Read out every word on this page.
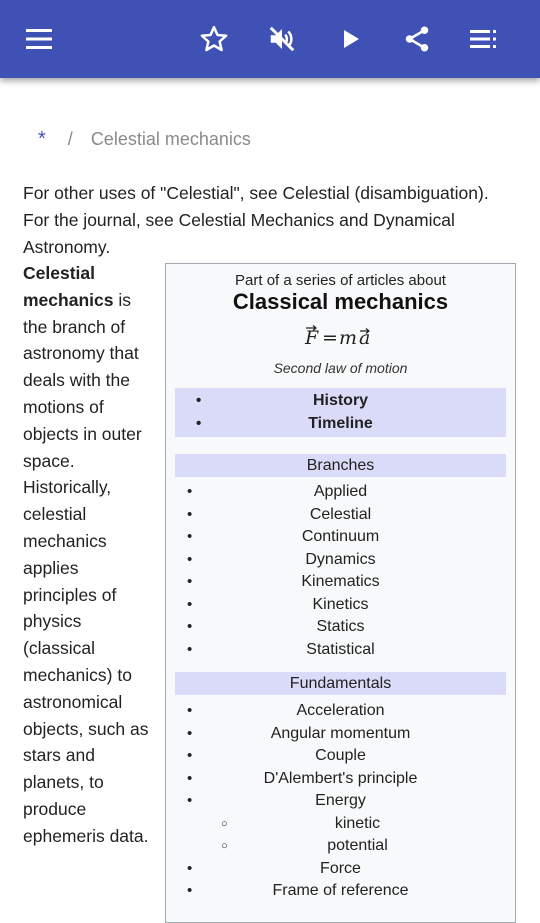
* / Celestial mechanics
For other uses of "Celestial", see Celestial (disambiguation). For the journal, see Celestial Mechanics and Dynamical Astronomy.
Celestial mechanics is the branch of astronomy that deals with the motions of objects in outer space. Historically, celestial mechanics applies principles of physics (classical mechanics) to astronomical objects, such as stars and planets, to produce ephemeris data.
Part of a series of articles about
Classical mechanics
F = m a
Second law of motion
• History
• Timeline
Branches
• Applied
• Celestial
• Continuum
• Dynamics
• Kinematics
• Kinetics
• Statics
• Statistical
Fundamentals
• Acceleration
• Angular momentum
• Couple
• D'Alembert's principle
• Energy
○ kinetic
○ potential
• Force
• Frame of reference
